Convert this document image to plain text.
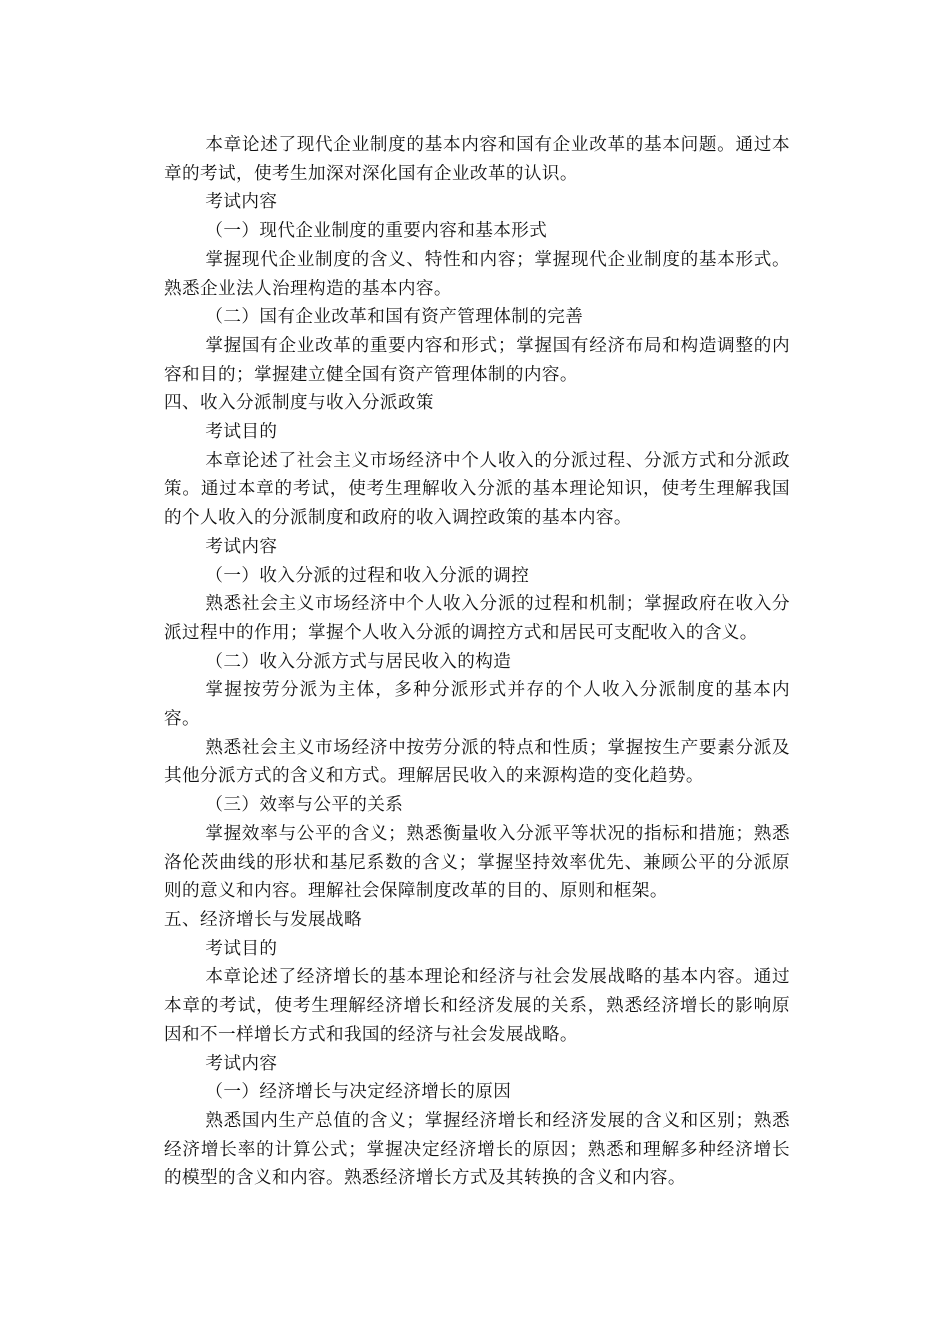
本章论述了现代企业制度的基本内容和国有企业改革的基本问题。通过本章的考试，使考生加深对深化国有企业改革的认识。

考试内容

（一）现代企业制度的重要内容和基本形式

掌握现代企业制度的含义、特性和内容；掌握现代企业制度的基本形式。熟悉企业法人治理构造的基本内容。

（二）国有企业改革和国有资产管理体制的完善

掌握国有企业改革的重要内容和形式；掌握国有经济布局和构造调整的内容和目的；掌握建立健全国有资产管理体制的内容。

四、收入分派制度与收入分派政策

考试目的

本章论述了社会主义市场经济中个人收入的分派过程、分派方式和分派政策。通过本章的考试，使考生理解收入分派的基本理论知识，使考生理解我国的个人收入的分派制度和政府的收入调控政策的基本内容。

考试内容

（一）收入分派的过程和收入分派的调控

熟悉社会主义市场经济中个人收入分派的过程和机制；掌握政府在收入分派过程中的作用；掌握个人收入分派的调控方式和居民可支配收入的含义。

（二）收入分派方式与居民收入的构造

掌握按劳分派为主体，多种分派形式并存的个人收入分派制度的基本内容。

熟悉社会主义市场经济中按劳分派的特点和性质；掌握按生产要素分派及其他分派方式的含义和方式。理解居民收入的来源构造的变化趋势。

（三）效率与公平的关系

掌握效率与公平的含义；熟悉衡量收入分派平等状况的指标和措施；熟悉洛伦茨曲线的形状和基尼系数的含义；掌握坚持效率优先、兼顾公平的分派原则的意义和内容。理解社会保障制度改革的目的、原则和框架。

五、经济增长与发展战略

考试目的

本章论述了经济增长的基本理论和经济与社会发展战略的基本内容。通过本章的考试，使考生理解经济增长和经济发展的关系，熟悉经济增长的影响原因和不一样增长方式和我国的经济与社会发展战略。

考试内容

（一）经济增长与决定经济增长的原因

熟悉国内生产总值的含义；掌握经济增长和经济发展的含义和区别；熟悉经济增长率的计算公式；掌握决定经济增长的原因；熟悉和理解多种经济增长的模型的含义和内容。熟悉经济增长方式及其转换的含义和内容。
